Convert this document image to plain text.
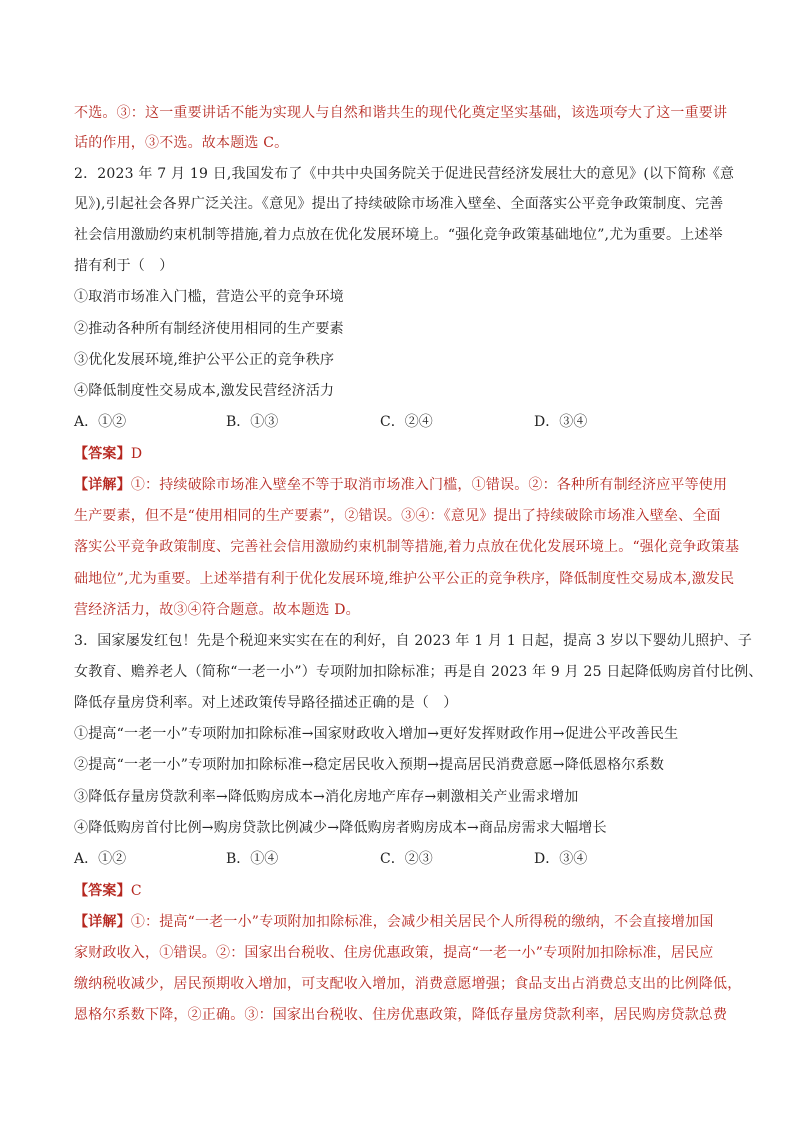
不选。③：这一重要讲话不能为实现人与自然和谐共生的现代化奠定坚实基础，该选项夸大了这一重要讲
话的作用，③不选。故本题选 C。
2．2023 年 7 月 19 日,我国发布了《中共中央国务院关于促进民营经济发展壮大的意见》(以下简称《意
见》),引起社会各界广泛关注。《意见》提出了持续破除市场准入壁垒、全面落实公平竞争政策制度、完善
社会信用激励约束机制等措施,着力点放在优化发展环境上。“强化竞争政策基础地位”,尤为重要。上述举
措有利于（　）
①取消市场准入门槛，营造公平的竞争环境
②推动各种所有制经济使用相同的生产要素
③优化发展环境,维护公平公正的竞争秩序
④降低制度性交易成本,激发民营经济活力
A．①②	B．①③	C．②④	D．③④
【答案】D
【详解】①：持续破除市场准入壁垒不等于取消市场准入门槛，①错误。②：各种所有制经济应平等使用
生产要素，但不是“使用相同的生产要素”，②错误。③④：《意见》提出了持续破除市场准入壁垒、全面
落实公平竞争政策制度、完善社会信用激励约束机制等措施,着力点放在优化发展环境上。“强化竞争政策基
础地位”,尤为重要。上述举措有利于优化发展环境,维护公平公正的竞争秩序，降低制度性交易成本,激发民
营经济活力，故③④符合题意。故本题选 D。
3．国家屡发红包！先是个税迎来实实在在的利好，自 2023 年 1 月 1 日起，提高 3 岁以下婴幼儿照护、子
女教育、赡养老人（简称“一老一小”）专项附加扣除标准；再是自 2023 年 9 月 25 日起降低购房首付比例、
降低存量房贷利率。对上述政策传导路径描述正确的是（　）
①提高“一老一小”专项附加扣除标准→国家财政收入增加→更好发挥财政作用→促进公平改善民生
②提高“一老一小”专项附加扣除标准→稳定居民收入预期→提高居民消费意愿→降低恩格尔系数
③降低存量房贷款利率→降低购房成本→消化房地产库存→刺激相关产业需求增加
④降低购房首付比例→购房贷款比例减少→降低购房者购房成本→商品房需求大幅增长
A．①②	B．①④	C．②③	D．③④
【答案】C
【详解】①：提高“一老一小”专项附加扣除标准，会减少相关居民个人所得税的缴纳，不会直接增加国
家财政收入，①错误。②：国家出台税收、住房优惠政策，提高“一老一小”专项附加扣除标准，居民应
缴纳税收减少，居民预期收入增加，可支配收入增加，消费意愿增强；食品支出占消费总支出的比例降低，
恩格尔系数下降，②正确。③：国家出台税收、住房优惠政策，降低存量房贷款利率，居民购房贷款总费
